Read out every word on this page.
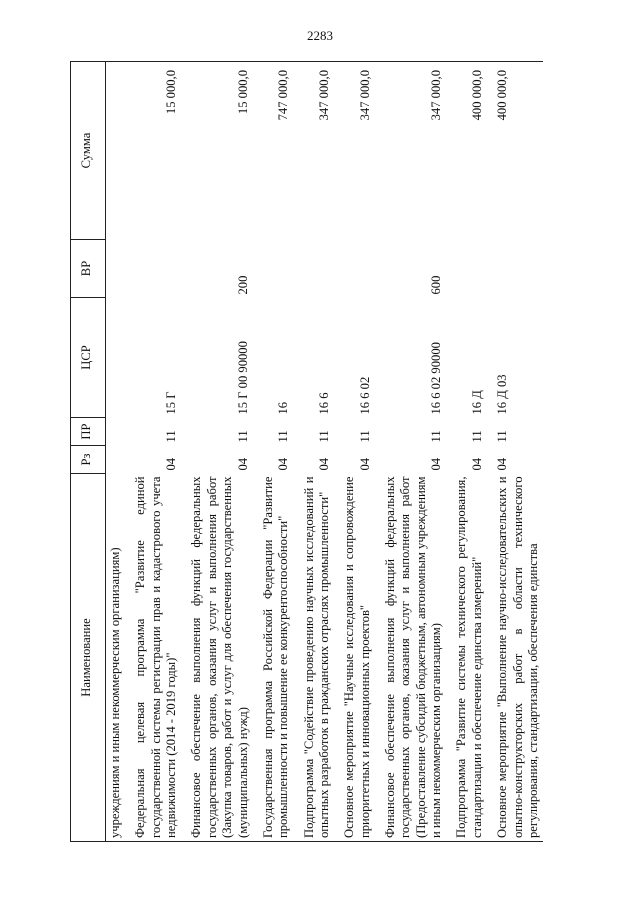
2283
Наименование	Рз	ПР	ЦСР	ВР	Сумма
учреждениям и иным некоммерческим организациям)					
Федеральная целевая программа "Развитие единой государственной системы регистрации прав и кадастрового учета недвижимости (2014 - 2019 годы)"	04	11	15 Г		15 000,0
Финансовое обеспечение выполнения функций федеральных государственных органов, оказания услуг и выполнения работ (Закупка товаров, работ и услуг для обеспечения государственных (муниципальных) нужд)	04	11	15 Г 00 90000	200	15 000,0
Государственная программа Российской Федерации "Развитие промышленности и повышение ее конкурентоспособности"	04	11	16		747 000,0
Подпрограмма "Содействие проведению научных исследований и опытных разработок в гражданских отраслях промышленности"	04	11	16 6		347 000,0
Основное мероприятие "Научные исследования и сопровождение приоритетных и инновационных проектов"	04	11	16 6 02		347 000,0
Финансовое обеспечение выполнения функций федеральных государственных органов, оказания услуг и выполнения работ (Предоставление субсидий бюджетным, автономным учреждениям и иным некоммерческим организациям)	04	11	16 6 02 90000	600	347 000,0
Подпрограмма "Развитие системы технического регулирования, стандартизации и обеспечение единства измерений"	04	11	16 Д		400 000,0
Основное мероприятие "Выполнение научно-исследовательских и опытно-конструкторских работ в области технического регулирования, стандартизации, обеспечения единства	04	11	16 Д 03		400 000,0
